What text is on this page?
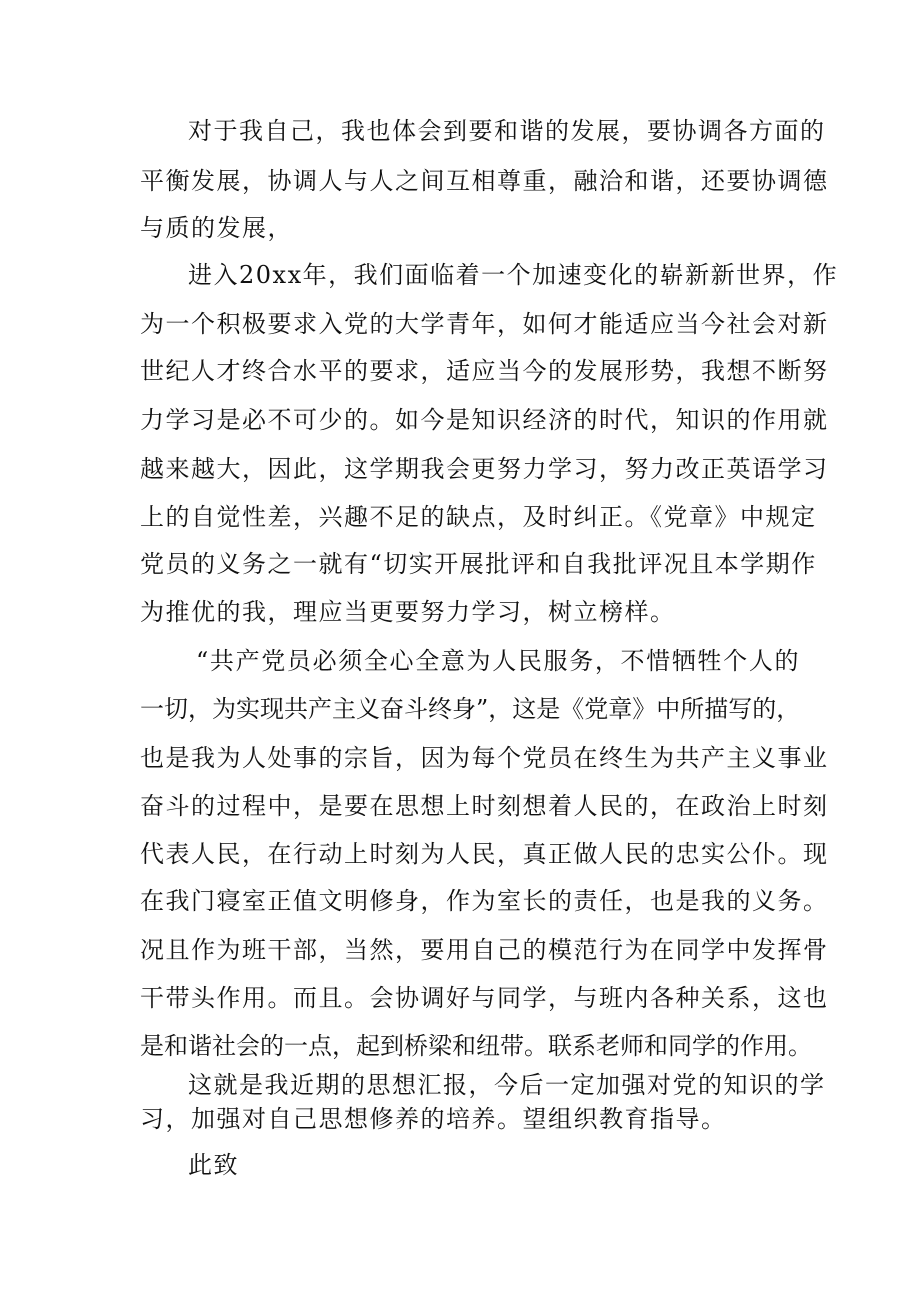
对于我自己，我也体会到要和谐的发展，要协调各方面的
平衡发展，协调人与人之间互相尊重，融洽和谐，还要协调德
与质的发展，
进入20xx年，我们面临着一个加速变化的崭新新世界，作
为一个积极要求入党的大学青年，如何才能适应当今社会对新
世纪人才终合水平的要求，适应当今的发展形势，我想不断努
力学习是必不可少的。如今是知识经济的时代，知识的作用就
越来越大，因此，这学期我会更努力学习，努力改正英语学习
上的自觉性差，兴趣不足的缺点，及时纠正。《党章》中规定
党员的义务之一就有“切实开展批评和自我批评况且本学期作
为推优的我，理应当更要努力学习，树立榜样。
“共产党员必须全心全意为人民服务，不惜牺牲个人的
一切，为实现共产主义奋斗终身”，这是《党章》中所描写的，
也是我为人处事的宗旨，因为每个党员在终生为共产主义事业
奋斗的过程中，是要在思想上时刻想着人民的，在政治上时刻
代表人民，在行动上时刻为人民，真正做人民的忠实公仆。现
在我门寝室正值文明修身，作为室长的责任，也是我的义务。
况且作为班干部，当然，要用自己的模范行为在同学中发挥骨
干带头作用。而且。会协调好与同学，与班内各种关系，这也
是和谐社会的一点，起到桥梁和纽带。联系老师和同学的作用。
这就是我近期的思想汇报，今后一定加强对党的知识的学
习，加强对自己思想修养的培养。望组织教育指导。
此致
